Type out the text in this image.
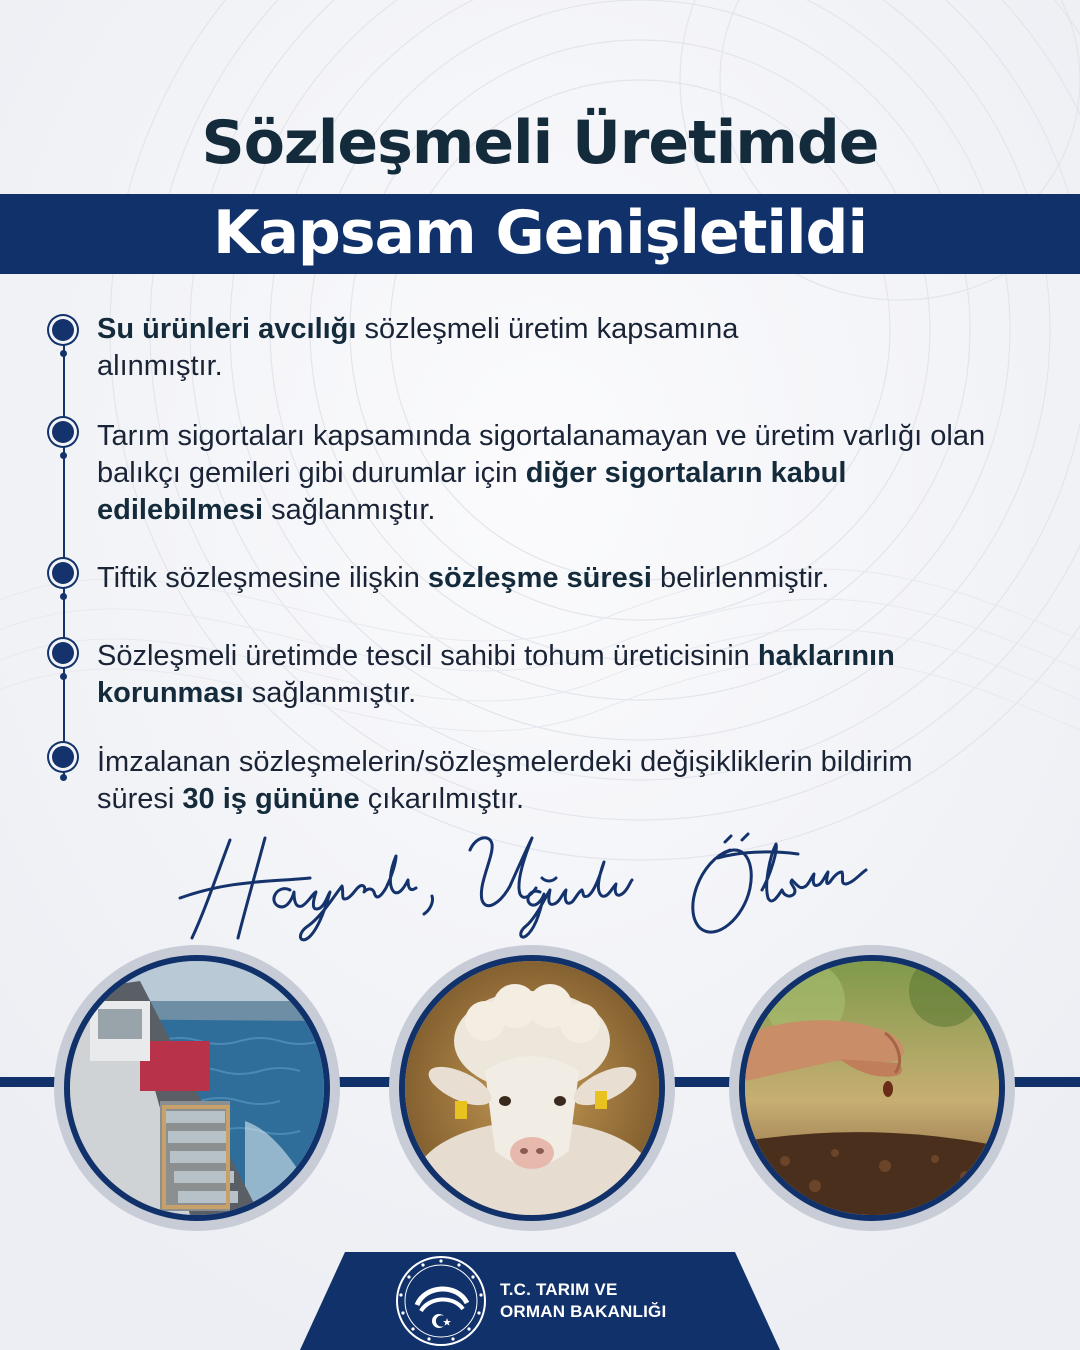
Sözleşmeli Üretimde
Kapsam Genişletildi
Su ürünleri avcılığı sözleşmeli üretim kapsamına alınmıştır.
Tarım sigortaları kapsamında sigortalanamayan ve üretim varlığı olan balıkçı gemileri gibi durumlar için diğer sigortaların kabul edilebilmesi sağlanmıştır.
Tiftik sözleşmesine ilişkin sözleşme süresi belirlenmiştir.
Sözleşmeli üretimde tescil sahibi tohum üreticisinin haklarının korunması sağlanmıştır.
İmzalanan sözleşmelerin/sözleşmelerdeki değişikliklerin bildirim süresi 30 iş gününe çıkarılmıştır.
T.C. TARIM VE
ORMAN BAKANLIĞI
